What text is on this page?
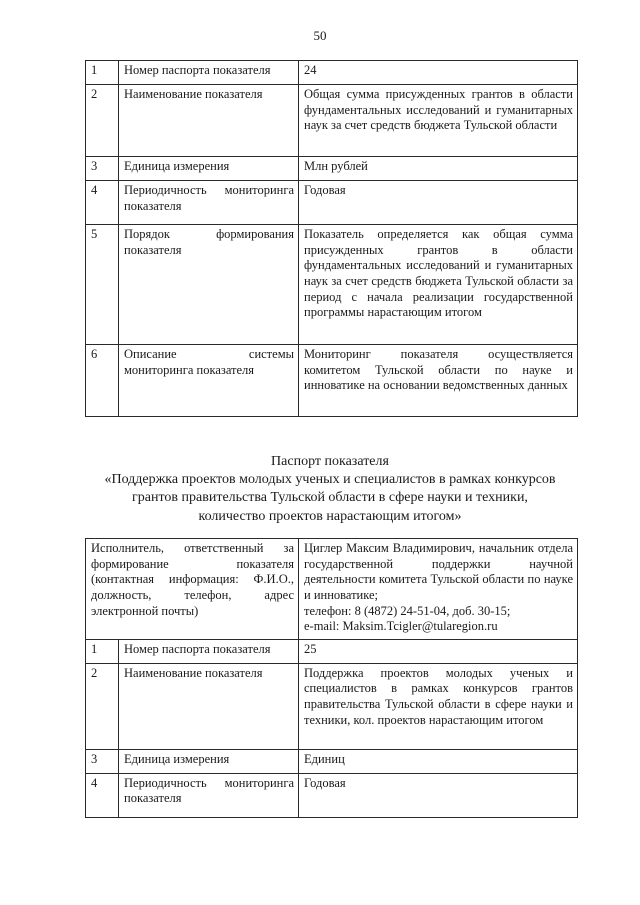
50
1	Номер паспорта показателя	24
2	Наименование показателя	Общая сумма присужденных грантов в области фундаментальных исследований и гуманитарных наук за счет средств бюджета Тульской области
3	Единица измерения	Млн рублей
4	Периодичность мониторинга показателя	Годовая
5	Порядок формирования показателя	Показатель определяется как общая сумма присужденных грантов в области фундаментальных исследований и гуманитарных наук за счет средств бюджета Тульской области за период с начала реализации государственной программы нарастающим итогом
6	Описание системы мониторинга показателя	Мониторинг показателя осуществляется комитетом Тульской области по науке и инноватике на основании ведомственных данных
Паспорт показателя
«Поддержка проектов молодых ученых и специалистов в рамках конкурсов
грантов правительства Тульской области в сфере науки и техники,
количество проектов нарастающим итогом»
Исполнитель, ответственный за формирование показателя (контактная информация: Ф.И.О., должность, телефон, адрес электронной почты)		Циглер Максим Владимирович, начальник отдела государственной поддержки научной деятельности комитета Тульской области по науке и инноватике;
телефон: 8 (4872) 24-51-04, доб. 30-15;
e-mail: Maksim.Tcigler@tularegion.ru

1	Номер паспорта показателя	25
2	Наименование показателя	Поддержка проектов молодых ученых и специалистов в рамках конкурсов грантов правительства Тульской области в сфере науки и техники, кол. проектов нарастающим итогом
3	Единица измерения	Единиц
4	Периодичность мониторинга показателя	Годовая
